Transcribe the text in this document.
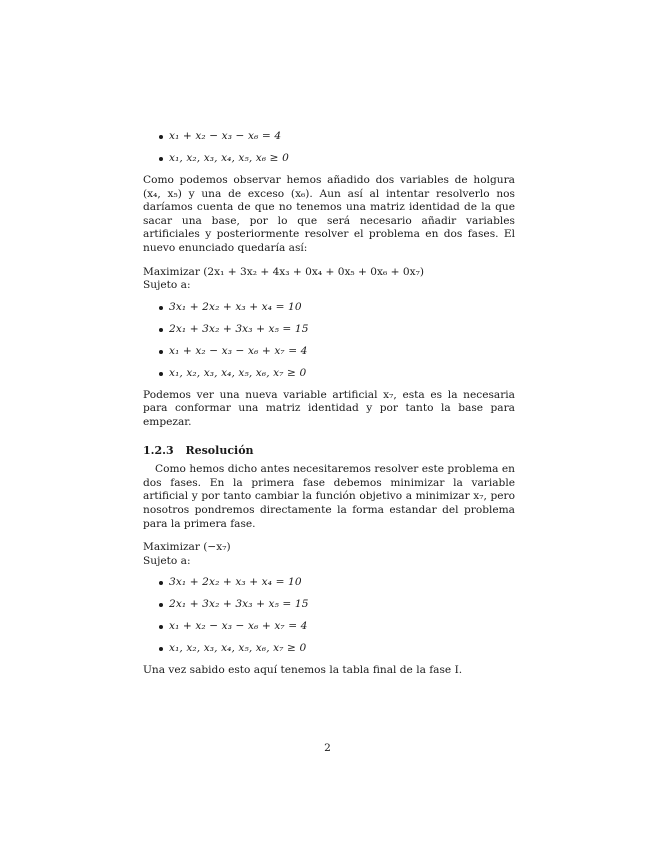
x₁ + x₂ − x₃ − x₆ = 4
x₁, x₂, x₃, x₄, x₅, x₆ ≥ 0

Como podemos observar hemos añadido dos variables de holgura (x₄, x₅) y una de exceso (x₆). Aun así al intentar resolverlo nos daríamos cuenta de que no tenemos una matriz identidad de la que sacar una base, por lo que será necesario añadir variables artificiales y posteriormente resolver el problema en dos fases. El nuevo enunciado quedaría así:

Maximizar (2x₁ + 3x₂ + 4x₃ + 0x₄ + 0x₅ + 0x₆ + 0x₇)

Sujeto a:

3x₁ + 2x₂ + x₃ + x₄ = 10
2x₁ + 3x₂ + 3x₃ + x₅ = 15
x₁ + x₂ − x₃ − x₆ + x₇ = 4
x₁, x₂, x₃, x₄, x₅, x₆, x₇ ≥ 0

Podemos ver una nueva variable artificial x₇, esta es la necesaria para conformar una matriz identidad y por tanto la base para empezar.

1.2.3 Resolución

Como hemos dicho antes necesitaremos resolver este problema en dos fases. En la primera fase debemos minimizar la variable artificial y por tanto cambiar la función objetivo a minimizar x₇, pero nosotros pondremos directamente la forma estandar del problema para la primera fase.

Maximizar (−x₇)

Sujeto a:

3x₁ + 2x₂ + x₃ + x₄ = 10
2x₁ + 3x₂ + 3x₃ + x₅ = 15
x₁ + x₂ − x₃ − x₆ + x₇ = 4
x₁, x₂, x₃, x₄, x₅, x₆, x₇ ≥ 0

Una vez sabido esto aquí tenemos la tabla final de la fase I.

2
